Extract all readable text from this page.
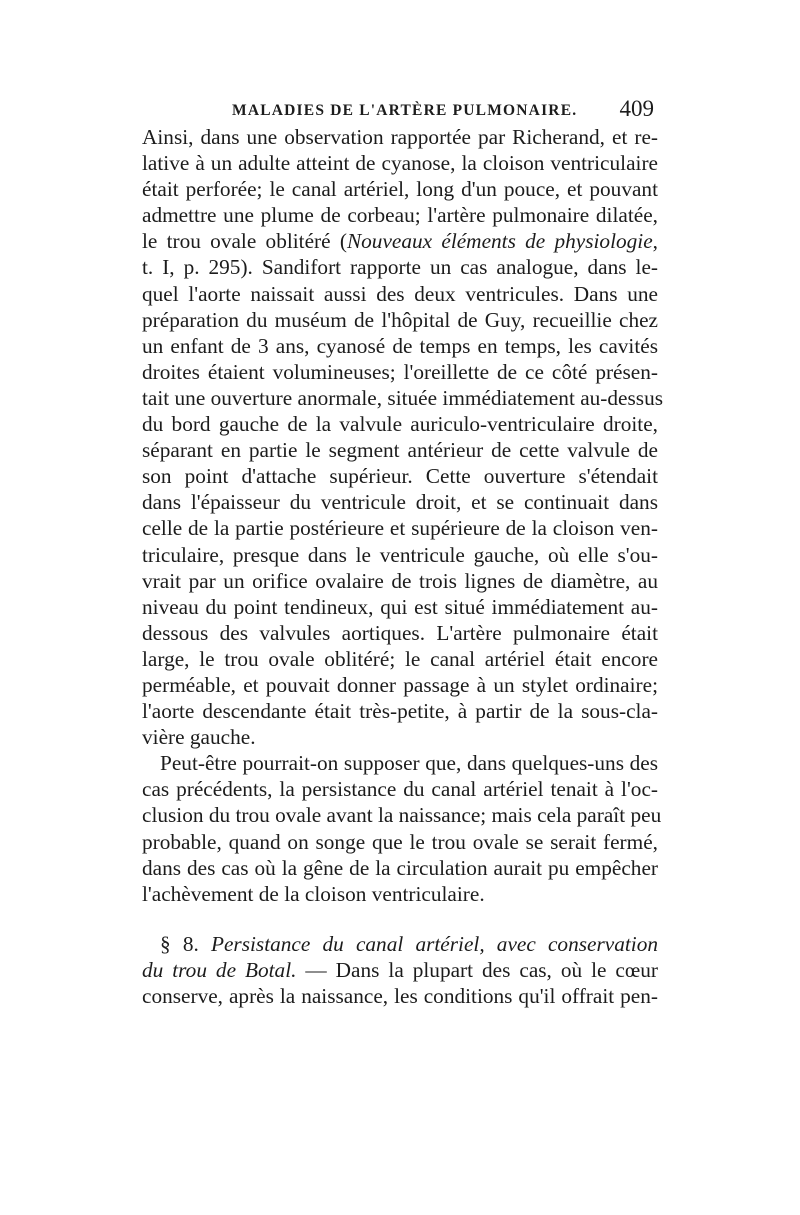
MALADIES DE L'ARTÈRE PULMONAIRE. 409
Ainsi, dans une observation rapportée par Richerand, et re-
lative à un adulte atteint de cyanose, la cloison ventriculaire
était perforée; le canal artériel, long d'un pouce, et pouvant
admettre une plume de corbeau; l'artère pulmonaire dilatée,
le trou ovale oblitéré (Nouveaux éléments de physiologie,
t. I, p. 295). Sandifort rapporte un cas analogue, dans le-
quel l'aorte naissait aussi des deux ventricules. Dans une
préparation du muséum de l'hôpital de Guy, recueillie chez
un enfant de 3 ans, cyanosé de temps en temps, les cavités
droites étaient volumineuses; l'oreillette de ce côté présen-
tait une ouverture anormale, située immédiatement au-dessus
du bord gauche de la valvule auriculo-ventriculaire droite,
séparant en partie le segment antérieur de cette valvule de
son point d'attache supérieur. Cette ouverture s'étendait
dans l'épaisseur du ventricule droit, et se continuait dans
celle de la partie postérieure et supérieure de la cloison ven-
triculaire, presque dans le ventricule gauche, où elle s'ou-
vrait par un orifice ovalaire de trois lignes de diamètre, au
niveau du point tendineux, qui est situé immédiatement au-
dessous des valvules aortiques. L'artère pulmonaire était
large, le trou ovale oblitéré; le canal artériel était encore
perméable, et pouvait donner passage à un stylet ordinaire;
l'aorte descendante était très-petite, à partir de la sous-cla-
vière gauche.
Peut-être pourrait-on supposer que, dans quelques-uns des
cas précédents, la persistance du canal artériel tenait à l'oc-
clusion du trou ovale avant la naissance; mais cela paraît peu
probable, quand on songe que le trou ovale se serait fermé,
dans des cas où la gêne de la circulation aurait pu empêcher
l'achèvement de la cloison ventriculaire.
§ 8. Persistance du canal artériel, avec conservation
du trou de Botal. — Dans la plupart des cas, où le cœur
conserve, après la naissance, les conditions qu'il offrait pen-
